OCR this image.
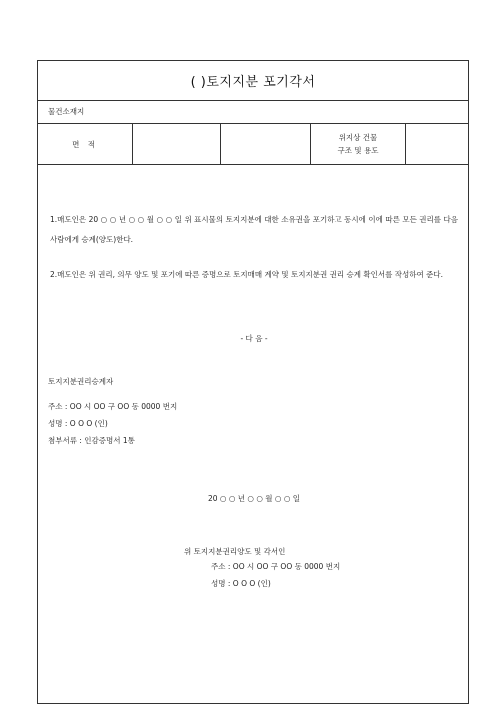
( )토지지분 포기각서
물건소재지
면 적
위지상 건물
구조 및 용도
1.매도인은 20 ○ ○ 년 ○ ○ 월 ○ ○ 일 위 표시물의 토지지분에 대한 소유권을 포기하고 동시에 이에 따른 모든 권리를 다음 사람에게 승계(양도)한다.
2.매도인은 위 권리, 의무 양도 및 포기에 따른 증명으로 토지매매 계약 및 토지지분권 권리 승계 확인서를 작성하여 준다.
- 다 음 -
토지지분권리승계자
주소 : OO 시 OO 구 OO 동 0000 번지
성명 : O O O (인)
첨부서류 : 인감증명서 1통
20 ○ ○ 년 ○ ○ 월 ○ ○ 일
위 토지지분권리양도 및 각서인
주소 : OO 시 OO 구 OO 동 0000 번지
성명 : O O O (인)
